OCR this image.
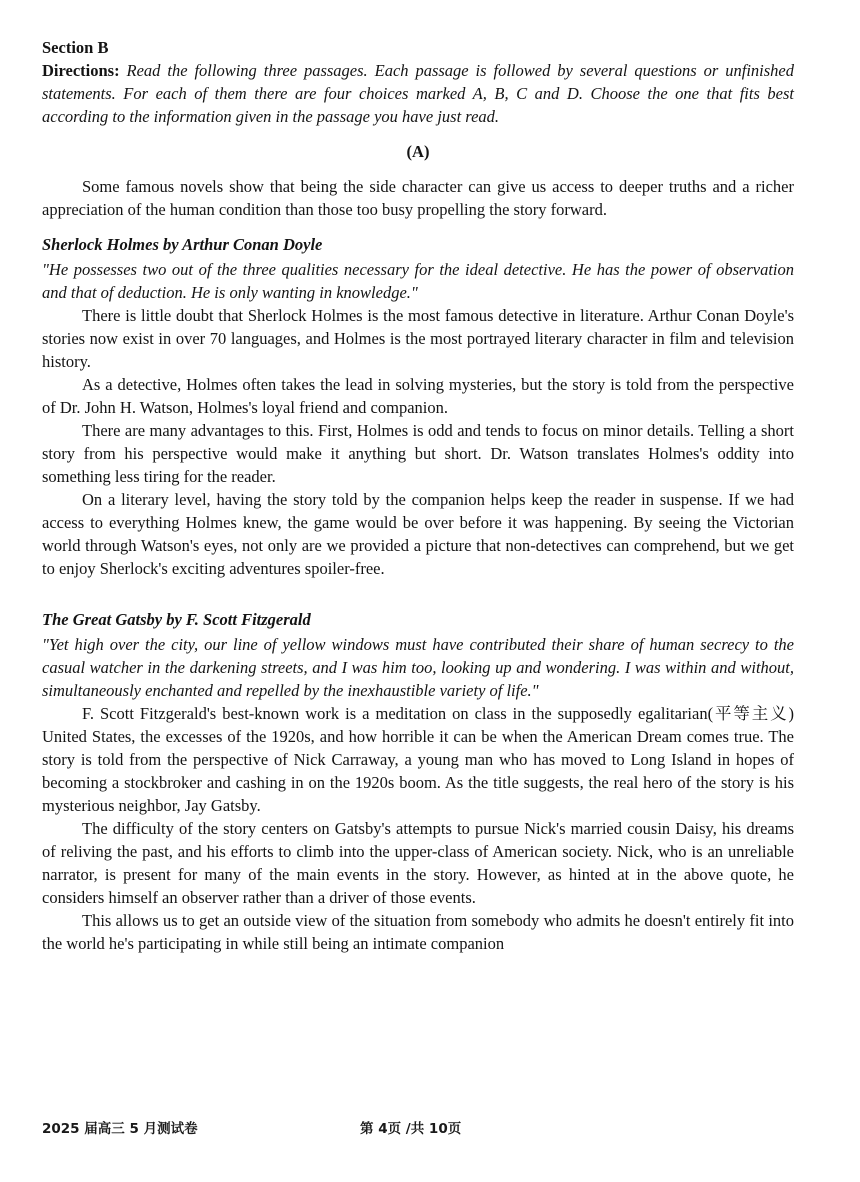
Section B

Directions: Read the following three passages. Each passage is followed by several questions or unfinished statements. For each of them there are four choices marked A, B, C and D. Choose the one that fits best according to the information given in the passage you have just read.

(A)

Some famous novels show that being the side character can give us access to deeper truths and a richer appreciation of the human condition than those too busy propelling the story forward.

Sherlock Holmes by Arthur Conan Doyle

"He possesses two out of the three qualities necessary for the ideal detective. He has the power of observation and that of deduction. He is only wanting in knowledge."

There is little doubt that Sherlock Holmes is the most famous detective in literature. Arthur Conan Doyle's stories now exist in over 70 languages, and Holmes is the most portrayed literary character in film and television history.

As a detective, Holmes often takes the lead in solving mysteries, but the story is told from the perspective of Dr. John H. Watson, Holmes's loyal friend and companion.

There are many advantages to this. First, Holmes is odd and tends to focus on minor details. Telling a short story from his perspective would make it anything but short. Dr. Watson translates Holmes's oddity into something less tiring for the reader.

On a literary level, having the story told by the companion helps keep the reader in suspense. If we had access to everything Holmes knew, the game would be over before it was happening. By seeing the Victorian world through Watson's eyes, not only are we provided a picture that non-detectives can comprehend, but we get to enjoy Sherlock's exciting adventures spoiler-free.

The Great Gatsby by F. Scott Fitzgerald

"Yet high over the city, our line of yellow windows must have contributed their share of human secrecy to the casual watcher in the darkening streets, and I was him too, looking up and wondering. I was within and without, simultaneously enchanted and repelled by the inexhaustible variety of life."

F. Scott Fitzgerald's best-known work is a meditation on class in the supposedly egalitarian(平等主义) United States, the excesses of the 1920s, and how horrible it can be when the American Dream comes true. The story is told from the perspective of Nick Carraway, a young man who has moved to Long Island in hopes of becoming a stockbroker and cashing in on the 1920s boom. As the title suggests, the real hero of the story is his mysterious neighbor, Jay Gatsby.

The difficulty of the story centers on Gatsby's attempts to pursue Nick's married cousin Daisy, his dreams of reliving the past, and his efforts to climb into the upper-class of American society. Nick, who is an unreliable narrator, is present for many of the main events in the story. However, as hinted at in the above quote, he considers himself an observer rather than a driver of those events.

This allows us to get an outside view of the situation from somebody who admits he doesn't entirely fit into the world he's participating in while still being an intimate companion

2025 届高三 5 月测试卷	第 4页 /共 10页
